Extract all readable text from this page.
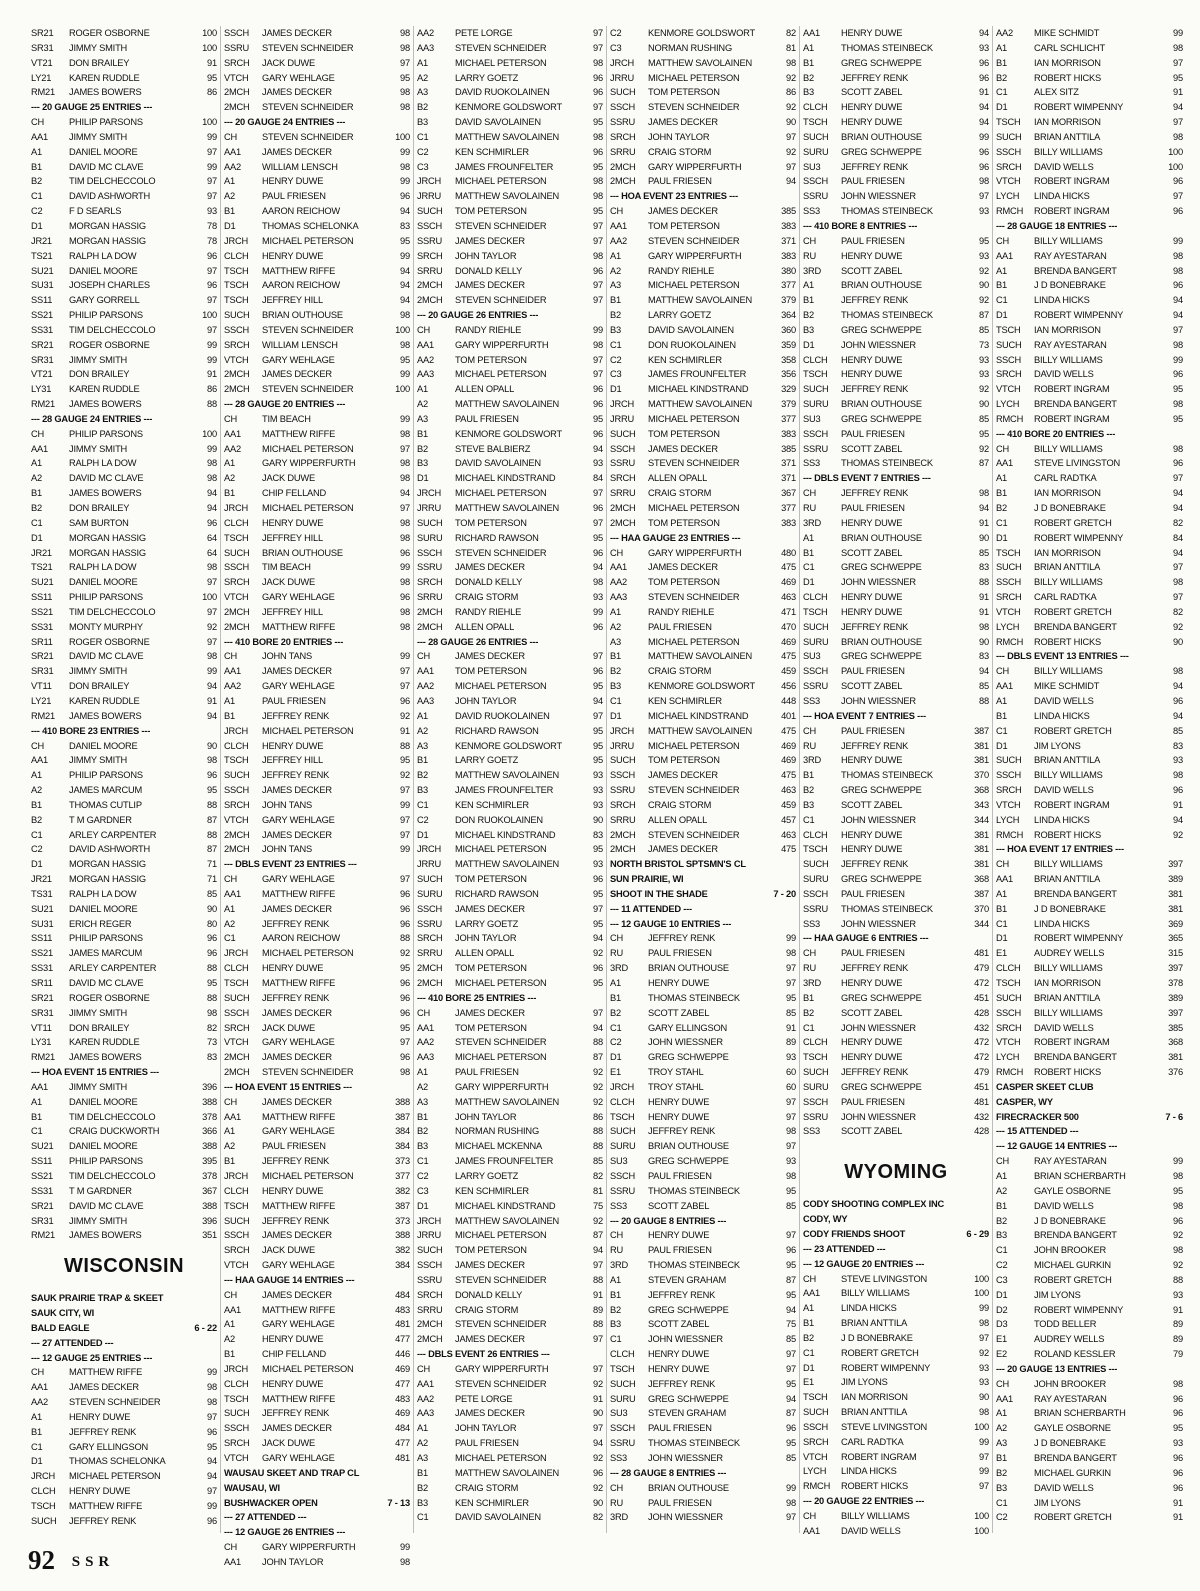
SR21	ROGER OSBORNE	100
SR31	JIMMY SMITH	100
VT21	DON BRAILEY	91
LY21	KAREN RUDDLE	95
RM21	JAMES BOWERS	86
--- 20 GAUGE 25 ENTRIES ---
CH	PHILIP PARSONS	100
AA1	JIMMY SMITH	99
A1	DANIEL MOORE	97
B1	DAVID MC CLAVE	99
B2	TIM DELCHECCOLO	97
C1	DAVID ASHWORTH	97
C2	F D SEARLS	93
D1	MORGAN HASSIG	78
JR21	MORGAN HASSIG	78
TS21	RALPH LA DOW	96
SU21	DANIEL MOORE	97
SU31	JOSEPH CHARLES	96
SS11	GARY GORRELL	97
SS21	PHILIP PARSONS	100
SS31	TIM DELCHECCOLO	97
SR21	ROGER OSBORNE	99
SR31	JIMMY SMITH	99
VT21	DON BRAILEY	91
LY31	KAREN RUDDLE	86
RM21	JAMES BOWERS	88
--- 28 GAUGE 24 ENTRIES ---
CH	PHILIP PARSONS	100
AA1	JIMMY SMITH	99
A1	RALPH LA DOW	98
A2	DAVID MC CLAVE	98
B1	JAMES BOWERS	94
B2	DON BRAILEY	94
C1	SAM BURTON	96
D1	MORGAN HASSIG	64
JR21	MORGAN HASSIG	64
TS21	RALPH LA DOW	98
SU21	DANIEL MOORE	97
SS11	PHILIP PARSONS	100
SS21	TIM DELCHECCOLO	97
SS31	MONTY MURPHY	92
SR11	ROGER OSBORNE	97
SR21	DAVID MC CLAVE	98
SR31	JIMMY SMITH	99
VT11	DON BRAILEY	94
LY21	KAREN RUDDLE	91
RM21	JAMES BOWERS	94
--- 410 BORE 23 ENTRIES ---
CH	DANIEL MOORE	90
AA1	JIMMY SMITH	98
A1	PHILIP PARSONS	96
A2	JAMES MARCUM	95
B1	THOMAS CUTLIP	88
B2	T M GARDNER	87
C1	ARLEY CARPENTER	88
C2	DAVID ASHWORTH	87
D1	MORGAN HASSIG	71
JR21	MORGAN HASSIG	71
TS31	RALPH LA DOW	85
SU21	DANIEL MOORE	90
SU31	ERICH REGER	80
SS11	PHILIP PARSONS	96
SS21	JAMES MARCUM	96
SS31	ARLEY CARPENTER	88
SR11	DAVID MC CLAVE	95
SR21	ROGER OSBORNE	88
SR31	JIMMY SMITH	98
VT11	DON BRAILEY	82
LY31	KAREN RUDDLE	73
RM21	JAMES BOWERS	83
--- HOA EVENT 15 ENTRIES ---
AA1	JIMMY SMITH	396
A1	DANIEL MOORE	388
B1	TIM DELCHECCOLO	378
C1	CRAIG DUCKWORTH	366
SU21	DANIEL MOORE	388
SS11	PHILIP PARSONS	395
SS21	TIM DELCHECCOLO	378
SS31	T M GARDNER	367
SR21	DAVID MC CLAVE	388
SR31	JIMMY SMITH	396
RM21	JAMES BOWERS	351
WISCONSIN
SAUK PRAIRIE TRAP & SKEET
SAUK CITY, WI
BALD EAGLE	6 - 22
--- 27 ATTENDED ---
--- 12 GAUGE 25 ENTRIES ---
CH	MATTHEW RIFFE	99
AA1	JAMES DECKER	98
AA2	STEVEN SCHNEIDER	98
A1	HENRY DUWE	97
B1	JEFFREY RENK	96
C1	GARY ELLINGSON	95
D1	THOMAS SCHELONKA	94
JRCH	MICHAEL PETERSON	94
CLCH	HENRY DUWE	97
TSCH	MATTHEW RIFFE	99
SUCH	JEFFREY RENK	96
SSCH	JAMES DECKER	98
SSRU	STEVEN SCHNEIDER	98
SRCH	JACK DUWE	97
VTCH	GARY WEHLAGE	95
2MCH	JAMES DECKER	98
2MCH	STEVEN SCHNEIDER	98
--- 20 GAUGE 24 ENTRIES ---
CH	STEVEN SCHNEIDER	100
AA1	JAMES DECKER	99
AA2	WILLIAM LENSCH	98
A1	HENRY DUWE	99
A2	PAUL FRIESEN	96
B1	AARON REICHOW	94
D1	THOMAS SCHELONKA	83
JRCH	MICHAEL PETERSON	95
CLCH	HENRY DUWE	99
TSCH	MATTHEW RIFFE	94
TSCH	AARON REICHOW	94
TSCH	JEFFREY HILL	94
SUCH	BRIAN OUTHOUSE	98
SSCH	STEVEN SCHNEIDER	100
SRCH	WILLIAM LENSCH	98
VTCH	GARY WEHLAGE	95
2MCH	JAMES DECKER	99
2MCH	STEVEN SCHNEIDER	100
--- 28 GAUGE 20 ENTRIES ---
CH	TIM BEACH	99
AA1	MATTHEW RIFFE	98
AA2	MICHAEL PETERSON	97
A1	GARY WIPPERFURTH	98
A2	JACK DUWE	98
B1	CHIP FELLAND	94
JRCH	MICHAEL PETERSON	97
CLCH	HENRY DUWE	98
TSCH	JEFFREY HILL	98
SUCH	BRIAN OUTHOUSE	96
SSCH	TIM BEACH	99
SRCH	JACK DUWE	98
VTCH	GARY WEHLAGE	96
2MCH	JEFFREY HILL	98
2MCH	MATTHEW RIFFE	98
--- 410 BORE 20 ENTRIES ---
CH	JOHN TANS	99
AA1	JAMES DECKER	97
AA2	GARY WEHLAGE	97
A1	PAUL FRIESEN	96
B1	JEFFREY RENK	92
JRCH	MICHAEL PETERSON	91
CLCH	HENRY DUWE	88
TSCH	JEFFREY HILL	95
SUCH	JEFFREY RENK	92
SSCH	JAMES DECKER	97
SRCH	JOHN TANS	99
VTCH	GARY WEHLAGE	97
2MCH	JAMES DECKER	97
2MCH	JOHN TANS	99
--- DBLS EVENT 23 ENTRIES ---
CH	GARY WEHLAGE	97
AA1	MATTHEW RIFFE	96
A1	JAMES DECKER	96
A2	JEFFREY RENK	96
C1	AARON REICHOW	88
JRCH	MICHAEL PETERSON	92
CLCH	HENRY DUWE	95
TSCH	MATTHEW RIFFE	96
SUCH	JEFFREY RENK	96
SSCH	JAMES DECKER	96
SRCH	JACK DUWE	95
VTCH	GARY WEHLAGE	97
2MCH	JAMES DECKER	96
2MCH	STEVEN SCHNEIDER	98
--- HOA EVENT 15 ENTRIES ---
CH	JAMES DECKER	388
AA1	MATTHEW RIFFE	387
A1	GARY WEHLAGE	384
A2	PAUL FRIESEN	384
B1	JEFFREY RENK	373
JRCH	MICHAEL PETERSON	377
CLCH	HENRY DUWE	382
TSCH	MATTHEW RIFFE	387
SUCH	JEFFREY RENK	373
SSCH	JAMES DECKER	388
SRCH	JACK DUWE	382
VTCH	GARY WEHLAGE	384
--- HAA GAUGE 14 ENTRIES ---
CH	JAMES DECKER	484
AA1	MATTHEW RIFFE	483
A1	GARY WEHLAGE	481
A2	HENRY DUWE	477
B1	CHIP FELLAND	446
JRCH	MICHAEL PETERSON	469
CLCH	HENRY DUWE	477
TSCH	MATTHEW RIFFE	483
SUCH	JEFFREY RENK	469
SSCH	JAMES DECKER	484
SRCH	JACK DUWE	477
VTCH	GARY WEHLAGE	481
WAUSAU SKEET AND TRAP CL
WAUSAU, WI
BUSHWACKER OPEN	7 - 13
--- 27 ATTENDED ---
--- 12 GAUGE 26 ENTRIES ---
CH	GARY WIPPERFURTH	99
AA1	JOHN TAYLOR	98
AA2	PETE LORGE	97
AA3	STEVEN SCHNEIDER	97
A1	MICHAEL PETERSON	98
A2	LARRY GOETZ	96
A3	DAVID RUOKOLAINEN	96
B2	KENMORE GOLDSWORT	97
B3	DAVID SAVOLAINEN	95
C1	MATTHEW SAVOLAINEN	98
C2	KEN SCHMIRLER	96
C3	JAMES FROUNFELTER	95
JRCH	MICHAEL PETERSON	98
JRRU	MATTHEW SAVOLAINEN	98
SUCH	TOM PETERSON	95
SSCH	STEVEN SCHNEIDER	97
SSRU	JAMES DECKER	97
SRCH	JOHN TAYLOR	98
SRRU	DONALD KELLY	96
2MCH	JAMES DECKER	97
2MCH	STEVEN SCHNEIDER	97
--- 20 GAUGE 26 ENTRIES ---
CH	RANDY RIEHLE	99
AA1	GARY WIPPERFURTH	98
AA2	TOM PETERSON	97
AA3	MICHAEL PETERSON	97
A1	ALLEN OPALL	96
A2	MATTHEW SAVOLAINEN	96
A3	PAUL FRIESEN	95
B1	KENMORE GOLDSWORT	96
B2	STEVE BALBIERZ	94
B3	DAVID SAVOLAINEN	93
D1	MICHAEL KINDSTRAND	84
JRCH	MICHAEL PETERSON	97
JRRU	MATTHEW SAVOLAINEN	96
SUCH	TOM PETERSON	97
SURU	RICHARD RAWSON	95
SSCH	STEVEN SCHNEIDER	96
SSRU	JAMES DECKER	94
SRCH	DONALD KELLY	98
SRRU	CRAIG STORM	93
2MCH	RANDY RIEHLE	99
2MCH	ALLEN OPALL	96
--- 28 GAUGE 26 ENTRIES ---
CH	JAMES DECKER	97
AA1	TOM PETERSON	96
AA2	MICHAEL PETERSON	95
AA3	JOHN TAYLOR	94
A1	DAVID RUOKOLAINEN	97
A2	RICHARD RAWSON	95
A3	KENMORE GOLDSWORT	95
B1	LARRY GOETZ	95
B2	MATTHEW SAVOLAINEN	93
B3	JAMES FROUNFELTER	93
C1	KEN SCHMIRLER	93
C2	DON RUOKOLAINEN	90
D1	MICHAEL KINDSTRAND	83
JRCH	MICHAEL PETERSON	95
JRRU	MATTHEW SAVOLAINEN	93
SUCH	TOM PETERSON	96
SURU	RICHARD RAWSON	95
SSCH	JAMES DECKER	97
SSRU	LARRY GOETZ	95
SRCH	JOHN TAYLOR	94
SRRU	ALLEN OPALL	92
2MCH	TOM PETERSON	96
2MCH	MICHAEL PETERSON	95
--- 410 BORE 25 ENTRIES ---
CH	JAMES DECKER	97
AA1	TOM PETERSON	94
AA2	STEVEN SCHNEIDER	88
AA3	MICHAEL PETERSON	87
A1	PAUL FRIESEN	92
A2	GARY WIPPERFURTH	92
A3	MATTHEW SAVOLAINEN	92
B1	JOHN TAYLOR	86
B2	NORMAN RUSHING	88
B3	MICHAEL MCKENNA	88
C1	JAMES FROUNFELTER	85
C2	LARRY GOETZ	82
C3	KEN SCHMIRLER	81
D1	MICHAEL KINDSTRAND	75
JRCH	MATTHEW SAVOLAINEN	92
JRRU	MICHAEL PETERSON	87
SUCH	TOM PETERSON	94
SSCH	JAMES DECKER	97
SSRU	STEVEN SCHNEIDER	88
SRCH	DONALD KELLY	91
SRRU	CRAIG STORM	89
2MCH	STEVEN SCHNEIDER	88
2MCH	JAMES DECKER	97
--- DBLS EVENT 26 ENTRIES ---
CH	GARY WIPPERFURTH	97
AA1	STEVEN SCHNEIDER	92
AA2	PETE LORGE	91
AA3	JAMES DECKER	90
A1	JOHN TAYLOR	97
A2	PAUL FRIESEN	94
A3	MICHAEL PETERSON	92
B1	MATTHEW SAVOLAINEN	96
B2	CRAIG STORM	92
B3	KEN SCHMIRLER	90
C1	DAVID SAVOLAINEN	82
C2	KENMORE GOLDSWORT	82
C3	NORMAN RUSHING	81
JRCH	MATTHEW SAVOLAINEN	98
JRRU	MICHAEL PETERSON	92
SUCH	TOM PETERSON	86
SSCH	STEVEN SCHNEIDER	92
SSRU	JAMES DECKER	90
SRCH	JOHN TAYLOR	97
SRRU	CRAIG STORM	92
2MCH	GARY WIPPERFURTH	97
2MCH	PAUL FRIESEN	94
--- HOA EVENT 23 ENTRIES ---
CH	JAMES DECKER	385
AA1	TOM PETERSON	383
AA2	STEVEN SCHNEIDER	371
A1	GARY WIPPERFURTH	383
A2	RANDY RIEHLE	380
A3	MICHAEL PETERSON	377
B1	MATTHEW SAVOLAINEN	379
B2	LARRY GOETZ	364
B3	DAVID SAVOLAINEN	360
C1	DON RUOKOLAINEN	359
C2	KEN SCHMIRLER	358
C3	JAMES FROUNFELTER	356
D1	MICHAEL KINDSTRAND	329
JRCH	MATTHEW SAVOLAINEN	379
JRRU	MICHAEL PETERSON	377
SUCH	TOM PETERSON	383
SSCH	JAMES DECKER	385
SSRU	STEVEN SCHNEIDER	371
SRCH	ALLEN OPALL	371
SRRU	CRAIG STORM	367
2MCH	MICHAEL PETERSON	377
2MCH	TOM PETERSON	383
--- HAA GAUGE 23 ENTRIES ---
CH	GARY WIPPERFURTH	480
AA1	JAMES DECKER	475
AA2	TOM PETERSON	469
AA3	STEVEN SCHNEIDER	463
A1	RANDY RIEHLE	471
A2	PAUL FRIESEN	470
A3	MICHAEL PETERSON	469
B1	MATTHEW SAVOLAINEN	475
B2	CRAIG STORM	459
B3	KENMORE GOLDSWORT	456
C1	KEN SCHMIRLER	448
D1	MICHAEL KINDSTRAND	401
JRCH	MATTHEW SAVOLAINEN	475
JRRU	MICHAEL PETERSON	469
SUCH	TOM PETERSON	469
SSCH	JAMES DECKER	475
SSRU	STEVEN SCHNEIDER	463
SRCH	CRAIG STORM	459
SRRU	ALLEN OPALL	457
2MCH	STEVEN SCHNEIDER	463
2MCH	JAMES DECKER	475
NORTH BRISTOL SPTSMN'S CL
SUN PRAIRIE, WI
SHOOT IN THE SHADE	7 - 20
--- 11 ATTENDED ---
--- 12 GAUGE 10 ENTRIES ---
CH	JEFFREY RENK	99
RU	PAUL FRIESEN	98
3RD	BRIAN OUTHOUSE	97
A1	HENRY DUWE	97
B1	THOMAS STEINBECK	95
B2	SCOTT ZABEL	85
C1	GARY ELLINGSON	91
C2	JOHN WIESSNER	89
D1	GREG SCHWEPPE	93
E1	TROY STAHL	60
JRCH	TROY STAHL	60
CLCH	HENRY DUWE	97
TSCH	HENRY DUWE	97
SUCH	JEFFREY RENK	98
SURU	BRIAN OUTHOUSE	97
SU3	GREG SCHWEPPE	93
SSCH	PAUL FRIESEN	98
SSRU	THOMAS STEINBECK	95
SS3	SCOTT ZABEL	85
--- 20 GAUGE 8 ENTRIES ---
CH	HENRY DUWE	97
RU	PAUL FRIESEN	96
3RD	THOMAS STEINBECK	95
A1	STEVEN GRAHAM	87
B1	JEFFREY RENK	95
B2	GREG SCHWEPPE	94
B3	SCOTT ZABEL	75
C1	JOHN WIESSNER	85
CLCH	HENRY DUWE	97
TSCH	HENRY DUWE	97
SUCH	JEFFREY RENK	95
SURU	GREG SCHWEPPE	94
SU3	STEVEN GRAHAM	87
SSCH	PAUL FRIESEN	96
SSRU	THOMAS STEINBECK	95
SS3	JOHN WIESSNER	85
--- 28 GAUGE 8 ENTRIES ---
CH	BRIAN OUTHOUSE	99
RU	PAUL FRIESEN	98
3RD	JOHN WIESSNER	97
AA1	HENRY DUWE	94
A1	THOMAS STEINBECK	93
B1	GREG SCHWEPPE	96
B2	JEFFREY RENK	96
B3	SCOTT ZABEL	91
CLCH	HENRY DUWE	94
TSCH	HENRY DUWE	94
SUCH	BRIAN OUTHOUSE	99
SURU	GREG SCHWEPPE	96
SU3	JEFFREY RENK	96
SSCH	PAUL FRIESEN	98
SSRU	JOHN WIESSNER	97
SS3	THOMAS STEINBECK	93
--- 410 BORE 8 ENTRIES ---
CH	PAUL FRIESEN	95
RU	HENRY DUWE	93
3RD	SCOTT ZABEL	92
A1	BRIAN OUTHOUSE	90
B1	JEFFREY RENK	92
B2	THOMAS STEINBECK	87
B3	GREG SCHWEPPE	85
D1	JOHN WIESSNER	73
CLCH	HENRY DUWE	93
TSCH	HENRY DUWE	93
SUCH	JEFFREY RENK	92
SURU	BRIAN OUTHOUSE	90
SU3	GREG SCHWEPPE	85
SSCH	PAUL FRIESEN	95
SSRU	SCOTT ZABEL	92
SS3	THOMAS STEINBECK	87
--- DBLS EVENT 7 ENTRIES ---
CH	JEFFREY RENK	98
RU	PAUL FRIESEN	94
3RD	HENRY DUWE	91
A1	BRIAN OUTHOUSE	90
B1	SCOTT ZABEL	85
C1	GREG SCHWEPPE	83
D1	JOHN WIESSNER	88
CLCH	HENRY DUWE	91
TSCH	HENRY DUWE	91
SUCH	JEFFREY RENK	98
SURU	BRIAN OUTHOUSE	90
SU3	GREG SCHWEPPE	83
SSCH	PAUL FRIESEN	94
SSRU	SCOTT ZABEL	85
SS3	JOHN WIESSNER	88
--- HOA EVENT 7 ENTRIES ---
CH	PAUL FRIESEN	387
RU	JEFFREY RENK	381
3RD	HENRY DUWE	381
B1	THOMAS STEINBECK	370
B2	GREG SCHWEPPE	368
B3	SCOTT ZABEL	343
C1	JOHN WIESSNER	344
CLCH	HENRY DUWE	381
TSCH	HENRY DUWE	381
SUCH	JEFFREY RENK	381
SURU	GREG SCHWEPPE	368
SSCH	PAUL FRIESEN	387
SSRU	THOMAS STEINBECK	370
SS3	JOHN WIESSNER	344
--- HAA GAUGE 6 ENTRIES ---
CH	PAUL FRIESEN	481
RU	JEFFREY RENK	479
3RD	HENRY DUWE	472
B1	GREG SCHWEPPE	451
B2	SCOTT ZABEL	428
C1	JOHN WIESSNER	432
CLCH	HENRY DUWE	472
TSCH	HENRY DUWE	472
SUCH	JEFFREY RENK	479
SURU	GREG SCHWEPPE	451
SSCH	PAUL FRIESEN	481
SSRU	JOHN WIESSNER	432
SS3	SCOTT ZABEL	428
WYOMING
CODY SHOOTING COMPLEX INC
CODY, WY
CODY FRIENDS SHOOT	6 - 29
--- 23 ATTENDED ---
--- 12 GAUGE 20 ENTRIES ---
CH	STEVE LIVINGSTON	100
AA1	BILLY WILLIAMS	100
A1	LINDA HICKS	99
B1	BRIAN ANTTILA	98
B2	J D BONEBRAKE	97
C1	ROBERT GRETCH	92
D1	ROBERT WIMPENNY	93
E1	JIM LYONS	93
TSCH	IAN MORRISON	90
SUCH	BRIAN ANTTILA	98
SSCH	STEVE LIVINGSTON	100
SRCH	CARL RADTKA	99
VTCH	ROBERT INGRAM	97
LYCH	LINDA HICKS	99
RMCH	ROBERT HICKS	97
--- 20 GAUGE 22 ENTRIES ---
CH	BILLY WILLIAMS	100
AA1	DAVID WELLS	100
AA2	MIKE SCHMIDT	99
A1	CARL SCHLICHT	98
B1	IAN MORRISON	97
B2	ROBERT HICKS	95
C1	ALEX SITZ	91
D1	ROBERT WIMPENNY	94
TSCH	IAN MORRISON	97
SUCH	BRIAN ANTTILA	98
SSCH	BILLY WILLIAMS	100
SRCH	DAVID WELLS	100
VTCH	ROBERT INGRAM	96
LYCH	LINDA HICKS	97
RMCH	ROBERT INGRAM	96
--- 28 GAUGE 18 ENTRIES ---
CH	BILLY WILLIAMS	99
AA1	RAY AYESTARAN	98
A1	BRENDA BANGERT	98
B1	J D BONEBRAKE	96
C1	LINDA HICKS	94
D1	ROBERT WIMPENNY	94
TSCH	IAN MORRISON	97
SUCH	RAY AYESTARAN	98
SSCH	BILLY WILLIAMS	99
SRCH	DAVID WELLS	96
VTCH	ROBERT INGRAM	95
LYCH	BRENDA BANGERT	98
RMCH	ROBERT INGRAM	95
--- 410 BORE 20 ENTRIES ---
CH	BILLY WILLIAMS	98
AA1	STEVE LIVINGSTON	96
A1	CARL RADTKA	97
B1	IAN MORRISON	94
B2	J D BONEBRAKE	94
C1	ROBERT GRETCH	82
D1	ROBERT WIMPENNY	84
TSCH	IAN MORRISON	94
SUCH	BRIAN ANTTILA	97
SSCH	BILLY WILLIAMS	98
SRCH	CARL RADTKA	97
VTCH	ROBERT GRETCH	82
LYCH	BRENDA BANGERT	92
RMCH	ROBERT HICKS	90
--- DBLS EVENT 13 ENTRIES ---
CH	BILLY WILLIAMS	98
AA1	MIKE SCHMIDT	94
A1	DAVID WELLS	96
B1	LINDA HICKS	94
C1	ROBERT GRETCH	85
D1	JIM LYONS	83
SUCH	BRIAN ANTTILA	93
SSCH	BILLY WILLIAMS	98
SRCH	DAVID WELLS	96
VTCH	ROBERT INGRAM	91
LYCH	LINDA HICKS	94
RMCH	ROBERT HICKS	92
--- HOA EVENT 17 ENTRIES ---
CH	BILLY WILLIAMS	397
AA1	BRIAN ANTTILA	389
A1	BRENDA BANGERT	381
B1	J D BONEBRAKE	381
C1	LINDA HICKS	369
D1	ROBERT WIMPENNY	365
E1	AUDREY WELLS	315
CLCH	BILLY WILLIAMS	397
TSCH	IAN MORRISON	378
SUCH	BRIAN ANTTILA	389
SSCH	BILLY WILLIAMS	397
SRCH	DAVID WELLS	385
VTCH	ROBERT INGRAM	368
LYCH	BRENDA BANGERT	381
RMCH	ROBERT HICKS	376
CASPER SKEET CLUB
CASPER, WY
FIRECRACKER 500	7 - 6
--- 15 ATTENDED ---
--- 12 GAUGE 14 ENTRIES ---
CH	RAY AYESTARAN	99
A1	BRIAN SCHERBARTH	98
A2	GAYLE OSBORNE	95
B1	DAVID WELLS	98
B2	J D BONEBRAKE	96
B3	BRENDA BANGERT	92
C1	JOHN BROOKER	98
C2	MICHAEL GURKIN	92
C3	ROBERT GRETCH	88
D1	JIM LYONS	93
D2	ROBERT WIMPENNY	91
D3	TODD BELLER	89
E1	AUDREY WELLS	89
E2	ROLAND KESSLER	79
--- 20 GAUGE 13 ENTRIES ---
CH	JOHN BROOKER	98
AA1	RAY AYESTARAN	96
A1	BRIAN SCHERBARTH	96
A2	GAYLE OSBORNE	95
A3	J D BONEBRAKE	93
B1	BRENDA BANGERT	96
B2	MICHAEL GURKIN	96
B3	DAVID WELLS	96
C1	JIM LYONS	91
C2	ROBERT GRETCH	91
92 SSR
